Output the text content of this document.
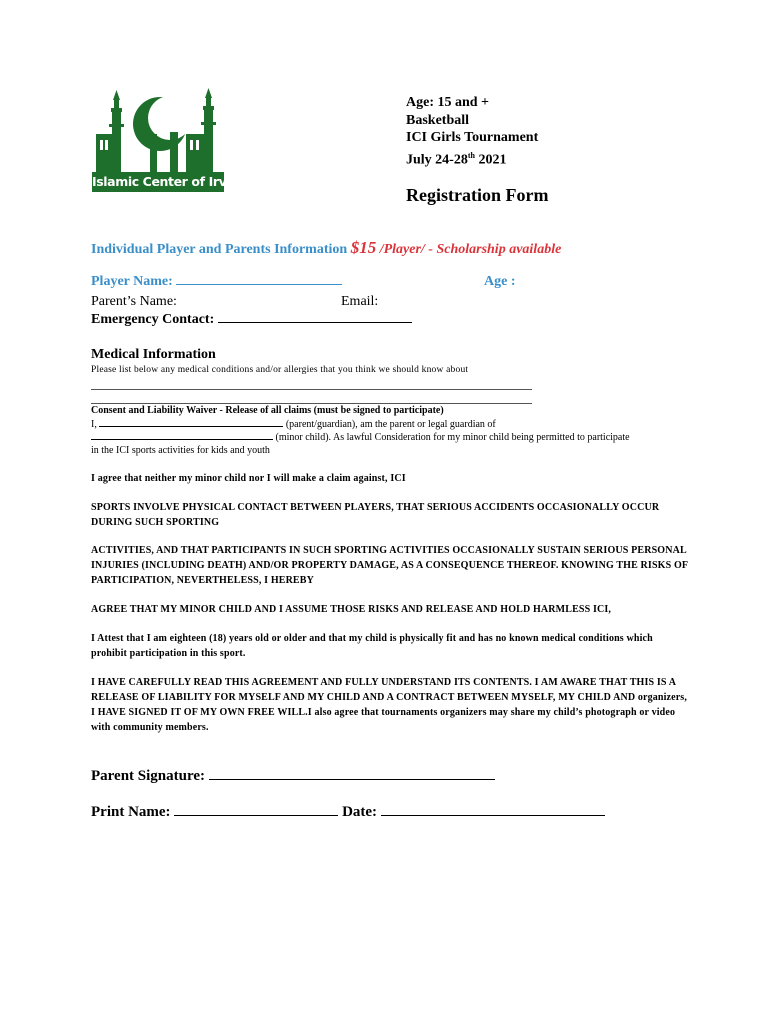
Islamic Center of Irving
Age: 15 and +
Basketball
ICI Girls Tournament
July 24-28th 2021
Registration Form
Individual Player and Parents Information $15 /Player/ - Scholarship available
Player Name:	Age :
Parent’s Name:	Email:
Emergency Contact:
Medical Information
Please list below any medical conditions and/or allergies that you think we should know about
Consent and Liability Waiver - Release of all claims (must be signed to participate)
I,	(parent/guardian), am the parent or legal guardian of
(minor child). As lawful Consideration for my minor child being permitted to participate
in the ICI sports activities for kids and youth
I agree that neither my minor child nor I will make a claim against, ICI
SPORTS INVOLVE PHYSICAL CONTACT BETWEEN PLAYERS, THAT SERIOUS ACCIDENTS OCCASIONALLY OCCUR DURING SUCH SPORTING
ACTIVITIES, AND THAT PARTICIPANTS IN SUCH SPORTING ACTIVITIES OCCASIONALLY SUSTAIN SERIOUS PERSONAL INJURIES (INCLUDING DEATH) AND/OR PROPERTY DAMAGE, AS A CONSEQUENCE THEREOF. KNOWING THE RISKS OF PARTICIPATION, NEVERTHELESS, I HEREBY
AGREE THAT MY MINOR CHILD AND I ASSUME THOSE RISKS AND RELEASE AND HOLD HARMLESS ICI,
I Attest that I am eighteen (18) years old or older and that my child is physically fit and has no known medical conditions which prohibit participation in this sport.
I HAVE CAREFULLY READ THIS AGREEMENT AND FULLY UNDERSTAND ITS CONTENTS. I AM AWARE THAT THIS IS A RELEASE OF LIABILITY FOR MYSELF AND MY CHILD AND A CONTRACT BETWEEN MYSELF, MY CHILD AND organizers, I HAVE SIGNED IT OF MY OWN FREE WILL.I also agree that tournaments organizers may share my child’s photograph or video with community members.
Parent Signature:
Print Name:	Date:
